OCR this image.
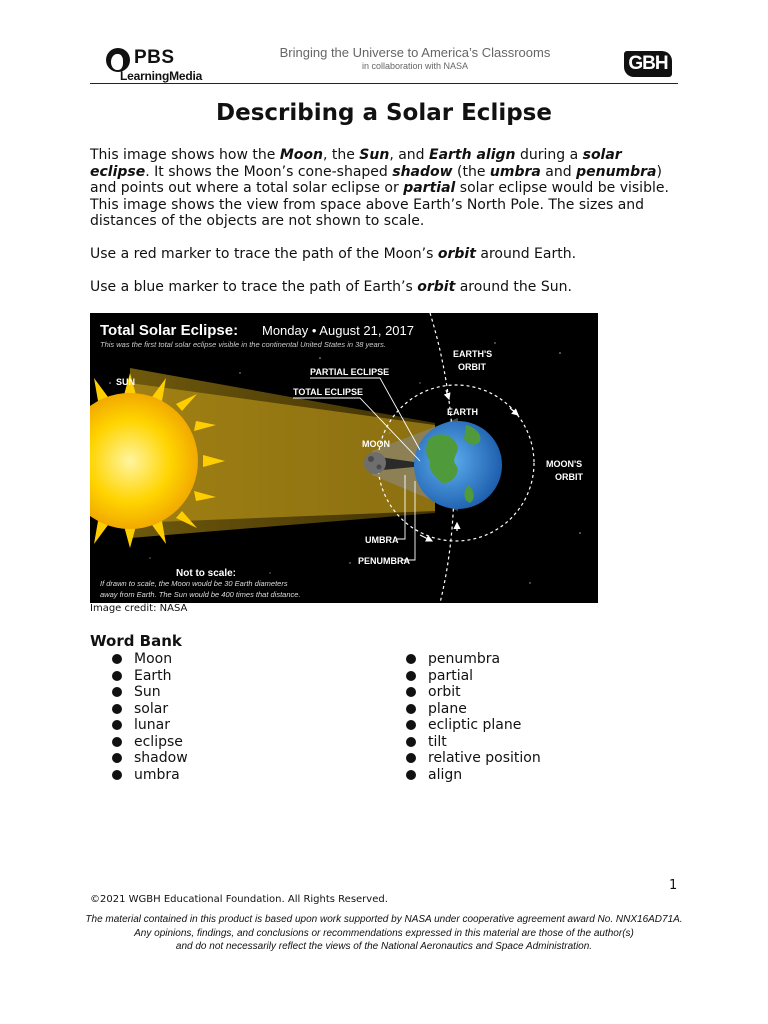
PBS
LearningMedia
Bringing the Universe to America’s Classrooms
in collaboration with NASA	GBH
Describing a Solar Eclipse

This image shows how the Moon, the Sun, and Earth align during a solar eclipse. It shows the Moon’s cone-shaped shadow (the umbra and penumbra) and points out where a total solar eclipse or partial solar eclipse would be visible. This image shows the view from space above Earth’s North Pole. The sizes and distances of the objects are not shown to scale.

Use a red marker to trace the path of the Moon’s orbit around Earth.

Use a blue marker to trace the path of Earth’s orbit around the Sun.

Total Solar Eclipse: Monday • August 21, 2017
This was the first total solar eclipse visible in the continental United States in 38 years.
SUN
PARTIAL ECLIPSE
TOTAL ECLIPSE
MOON
EARTH
EARTH'S
ORBIT
MOON'S
ORBIT
UMBRA
PENUMBRA
Not to scale:
If drawn to scale, the Moon would be 30 Earth diameters
away from Earth. The Sun would be 400 times that distance.
Image credit: NASA
Word Bank
Moon
Earth
Sun
solar
lunar
eclipse
shadow
umbra
penumbra
partial
orbit
plane
ecliptic plane
tilt
relative position
align
1
©2021 WGBH Educational Foundation. All Rights Reserved.
The material contained in this product is based upon work supported by NASA under cooperative agreement award No. NNX16AD71A.
Any opinions, findings, and conclusions or recommendations expressed in this material are those of the author(s)
and do not necessarily reflect the views of the National Aeronautics and Space Administration.
